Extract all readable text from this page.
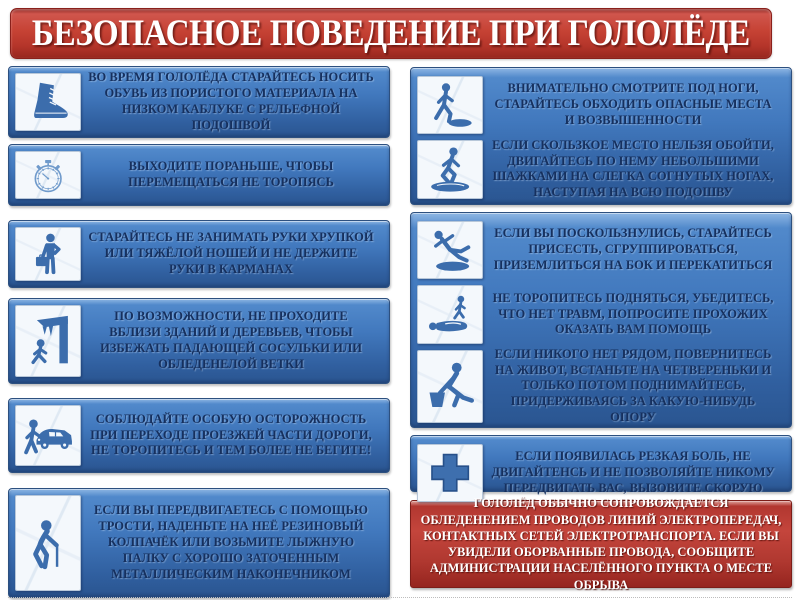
БЕЗОПАСНОЕ ПОВЕДЕНИЕ ПРИ ГОЛОЛЁДЕ
ВО ВРЕМЯ ГОЛОЛЁДА СТАРАЙТЕСЬ НОСИТЬ ОБУВЬ ИЗ ПОРИСТОГО МАТЕРИАЛА НА НИЗКОМ КАБЛУКЕ С РЕЛЬЕФНОЙ ПОДОШВОЙ
ВЫХОДИТЕ ПОРАНЬШЕ, ЧТОБЫ ПЕРЕМЕЩАТЬСЯ НЕ ТОРОПЯСЬ
СТАРАЙТЕСЬ НЕ ЗАНИМАТЬ РУКИ ХРУПКОЙ ИЛИ ТЯЖЁЛОЙ НОШЕЙ И НЕ ДЕРЖИТЕ РУКИ В КАРМАНАХ
ПО ВОЗМОЖНОСТИ, НЕ ПРОХОДИТЕ ВБЛИЗИ ЗДАНИЙ И ДЕРЕВЬЕВ, ЧТОБЫ ИЗБЕЖАТЬ ПАДАЮЩЕЙ СОСУЛЬКИ ИЛИ ОБЛЕДЕНЕЛОЙ ВЕТКИ
СОБЛЮДАЙТЕ ОСОБУЮ ОСТОРОЖНОСТЬ ПРИ ПЕРЕХОДЕ ПРОЕЗЖЕЙ ЧАСТИ ДОРОГИ, НЕ ТОРОПИТЕСЬ И ТЕМ БОЛЕЕ НЕ БЕГИТЕ!
ЕСЛИ ВЫ ПЕРЕДВИГАЕТЕСЬ С ПОМОЩЬЮ ТРОСТИ, НАДЕНЬТЕ НА НЕЁ РЕЗИНОВЫЙ КОЛПАЧЁК ИЛИ ВОЗЬМИТЕ ЛЫЖНУЮ ПАЛКУ С ХОРОШО ЗАТОЧЕННЫМ МЕТАЛЛИЧЕСКИМ НАКОНЕЧНИКОМ
ВНИМАТЕЛЬНО СМОТРИТЕ ПОД НОГИ, СТАРАЙТЕСЬ ОБХОДИТЬ ОПАСНЫЕ МЕСТА И ВОЗВЫШЕННОСТИ
ЕСЛИ СКОЛЬЗКОЕ МЕСТО НЕЛЬЗЯ ОБОЙТИ, ДВИГАЙТЕСЬ ПО НЕМУ НЕБОЛЬШИМИ ШАЖКАМИ НА СЛЕГКА СОГНУТЫХ НОГАХ, НАСТУПАЯ НА ВСЮ ПОДОШВУ
ЕСЛИ ВЫ ПОСКОЛЬЗНУЛИСЬ, СТАРАЙТЕСЬ ПРИСЕСТЬ, СГРУППИРОВАТЬСЯ, ПРИЗЕМЛИТЬСЯ НА БОК И ПЕРЕКАТИТЬСЯ
НЕ ТОРОПИТЕСЬ ПОДНЯТЬСЯ, УБЕДИТЕСЬ, ЧТО НЕТ ТРАВМ, ПОПРОСИТЕ ПРОХОЖИХ ОКАЗАТЬ ВАМ ПОМОЩЬ
ЕСЛИ НИКОГО НЕТ РЯДОМ, ПОВЕРНИТЕСЬ НА ЖИВОТ, ВСТАНЬТЕ НА ЧЕТВЕРЕНЬКИ И ТОЛЬКО ПОТОМ ПОДНИМАЙТЕСЬ, ПРИДЕРЖИВАЯСЬ ЗА КАКУЮ-НИБУДЬ ОПОРУ
ЕСЛИ ПОЯВИЛАСЬ РЕЗКАЯ БОЛЬ, НЕ ДВИГАЙТЕНСЬ И НЕ ПОЗВОЛЯЙТЕ НИКОМУ ПЕРЕДВИГАТЬ ВАС, ВЫЗОВИТЕ СКОРУЮ
ГОЛОЛЁД ОБЫЧНО СОПРОВОЖДАЕТСЯ ОБЛЕДЕНЕНИЕМ ПРОВОДОВ ЛИНИЙ ЭЛЕКТРОПЕРЕДАЧ, КОНТАКТНЫХ СЕТЕЙ ЭЛЕКТРОТРАНСПОРТА. ЕСЛИ ВЫ УВИДЕЛИ ОБОРВАННЫЕ ПРОВОДА, СООБЩИТЕ АДМИНИСТРАЦИИ НАСЕЛЁННОГО ПУНКТА О МЕСТЕ ОБРЫВА
